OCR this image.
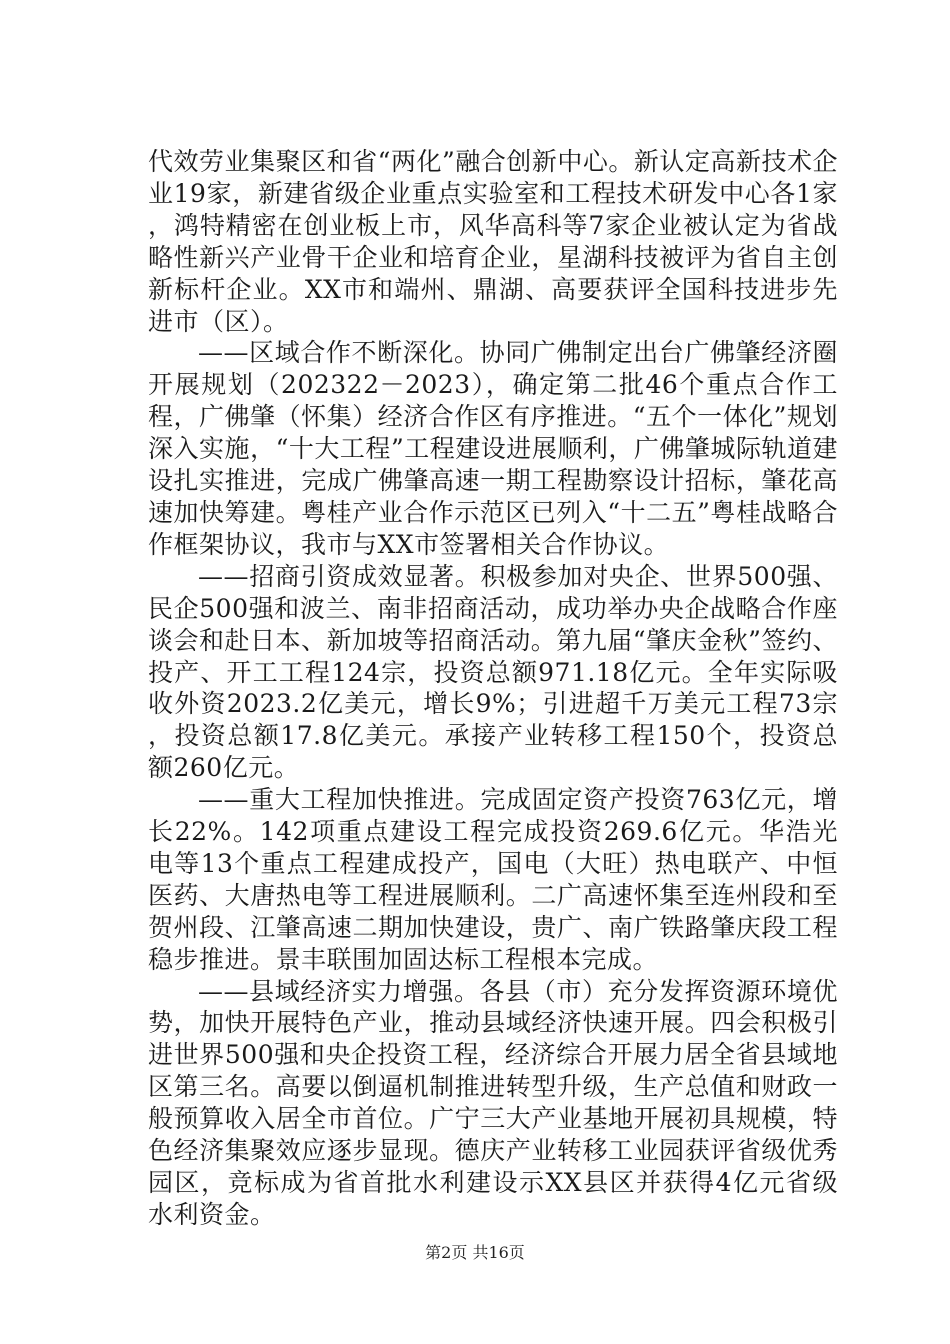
代效劳业集聚区和省“两化”融合创新中心。新认定高新技术企业19家，新建省级企业重点实验室和工程技术研发中心各1家，鸿特精密在创业板上市，风华高科等7家企业被认定为省战略性新兴产业骨干企业和培育企业，星湖科技被评为省自主创新标杆企业。XX市和端州、鼎湖、高要获评全国科技进步先进市（区）。

——区域合作不断深化。协同广佛制定出台广佛肇经济圈开展规划（202322－2023），确定第二批46个重点合作工程，广佛肇（怀集）经济合作区有序推进。“五个一体化”规划深入实施，“十大工程”工程建设进展顺利，广佛肇城际轨道建设扎实推进，完成广佛肇高速一期工程勘察设计招标，肇花高速加快筹建。粤桂产业合作示范区已列入“十二五”粤桂战略合作框架协议，我市与XX市签署相关合作协议。

——招商引资成效显著。积极参加对央企、世界500强、民企500强和波兰、南非招商活动，成功举办央企战略合作座谈会和赴日本、新加坡等招商活动。第九届“肇庆金秋”签约、投产、开工工程124宗，投资总额971.18亿元。全年实际吸收外资2023.2亿美元，增长9%；引进超千万美元工程73宗，投资总额17.8亿美元。承接产业转移工程150个，投资总额260亿元。

——重大工程加快推进。完成固定资产投资763亿元，增长22%。142项重点建设工程完成投资269.6亿元。华浩光电等13个重点工程建成投产，国电（大旺）热电联产、中恒医药、大唐热电等工程进展顺利。二广高速怀集至连州段和至贺州段、江肇高速二期加快建设，贵广、南广铁路肇庆段工程稳步推进。景丰联围加固达标工程根本完成。

——县域经济实力增强。各县（市）充分发挥资源环境优势，加快开展特色产业，推动县域经济快速开展。四会积极引进世界500强和央企投资工程，经济综合开展力居全省县域地区第三名。高要以倒逼机制推进转型升级，生产总值和财政一般预算收入居全市首位。广宁三大产业基地开展初具规模，特色经济集聚效应逐步显现。德庆产业转移工业园获评省级优秀园区，竞标成为省首批水利建设示XX县区并获得4亿元省级水利资金。

第2页 共16页
